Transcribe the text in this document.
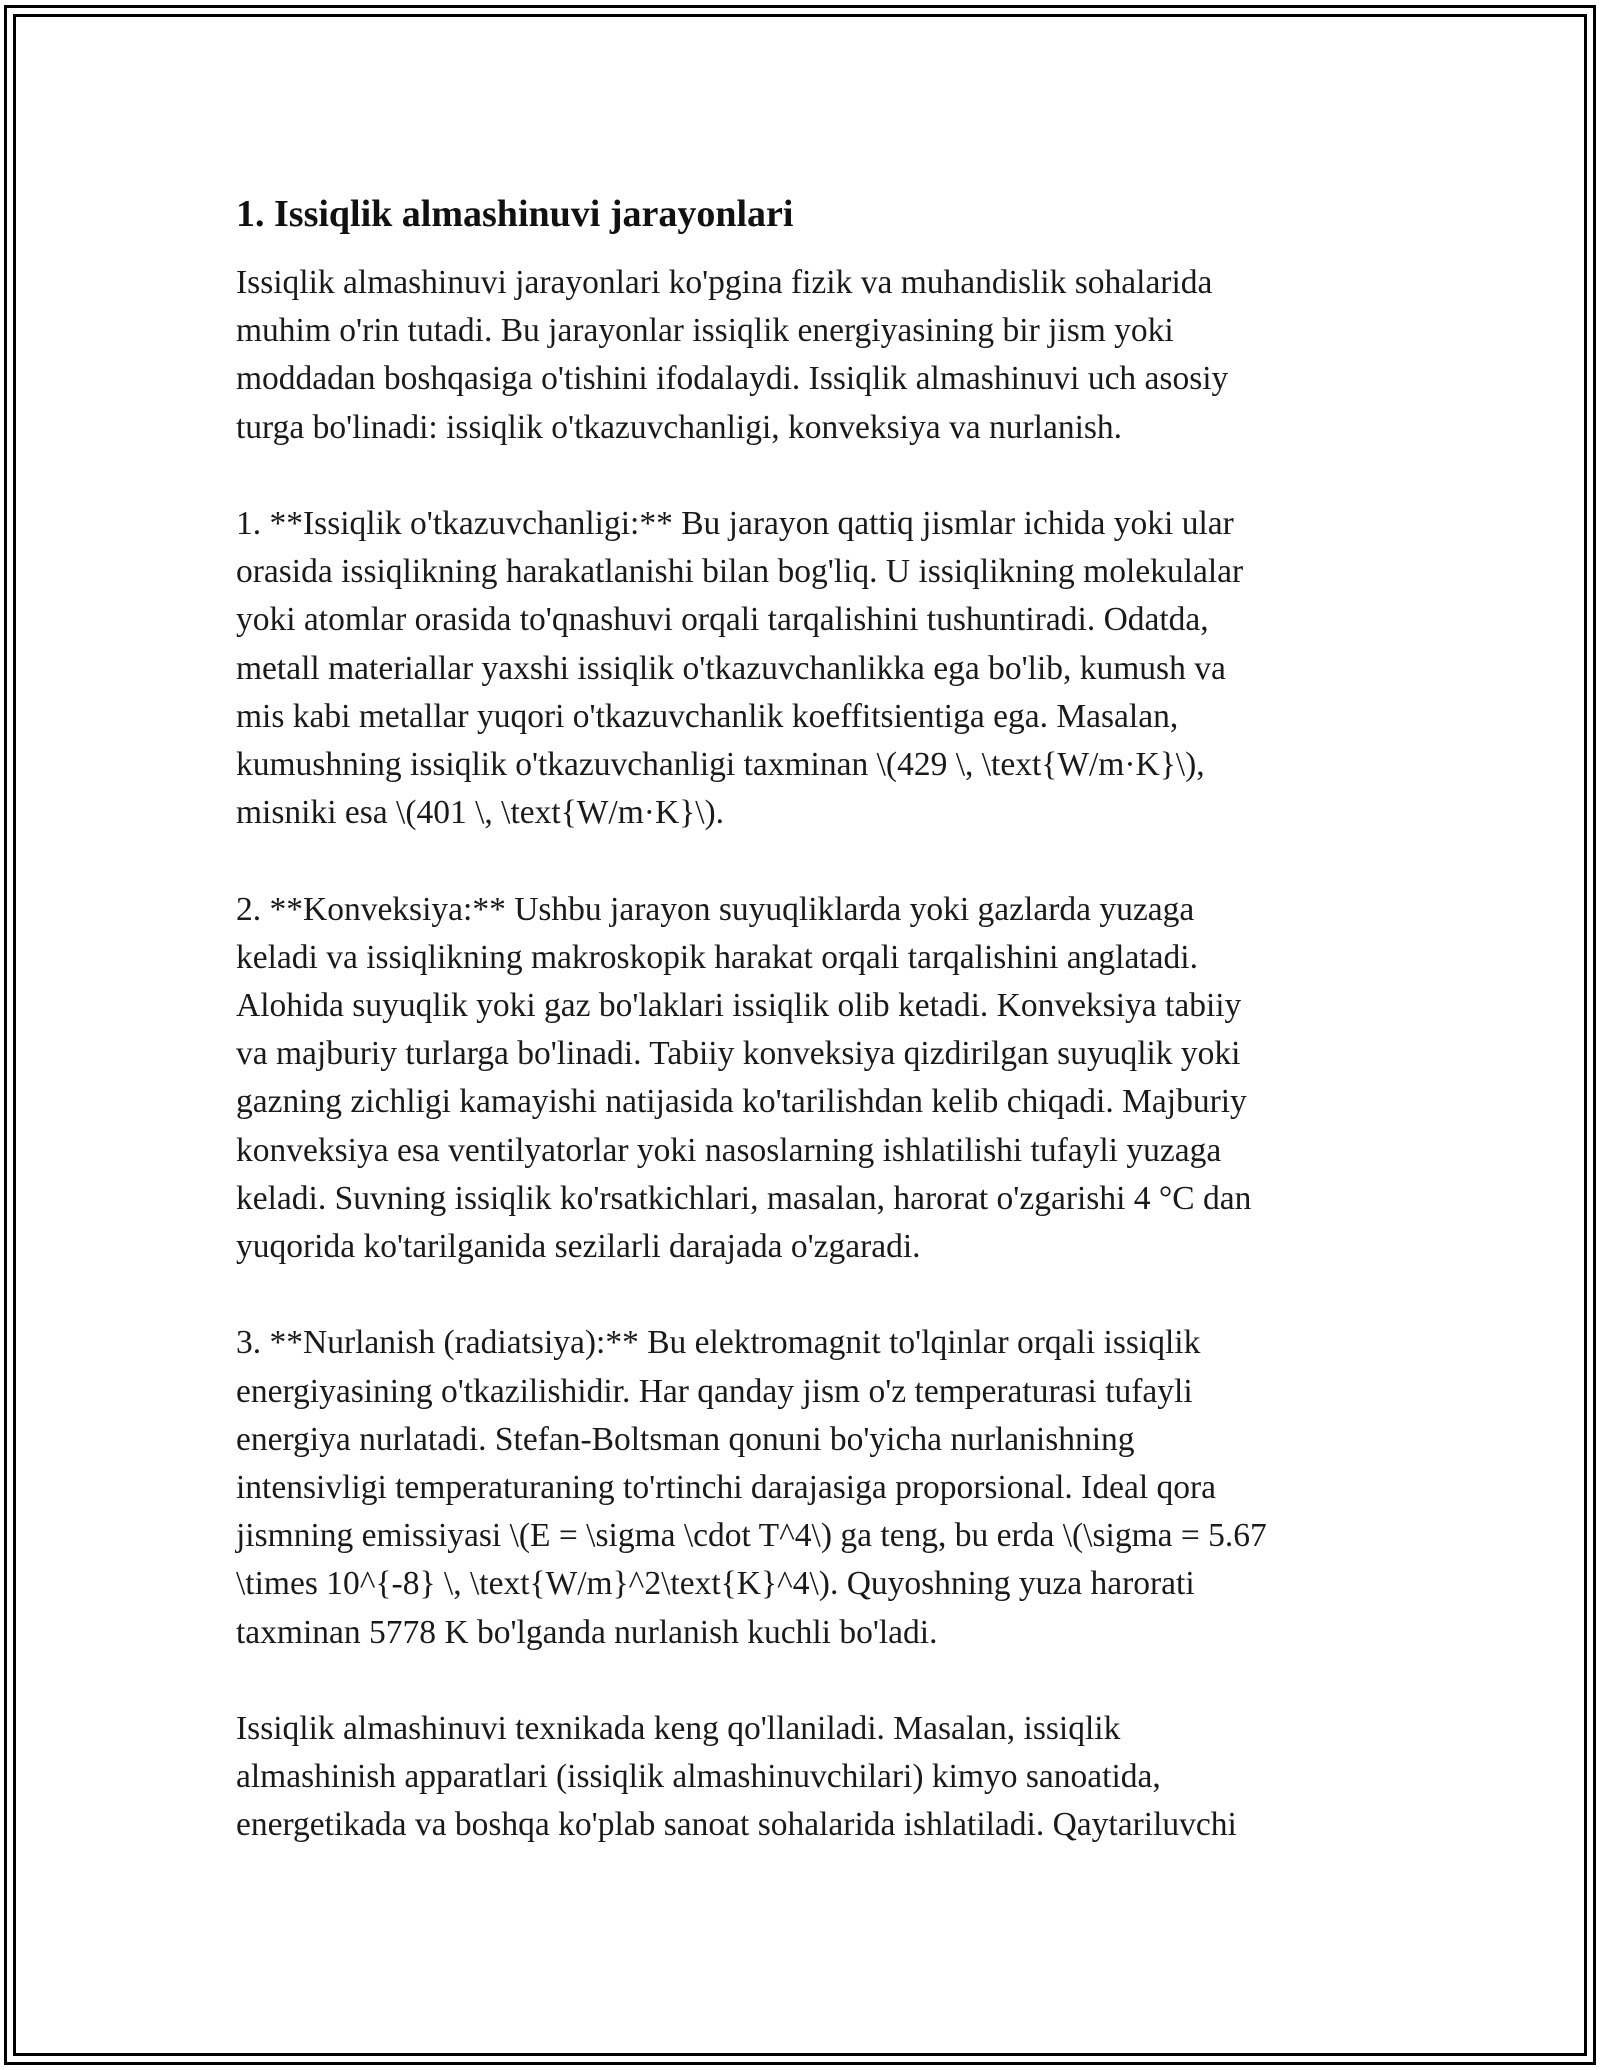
1. Issiqlik almashinuvi jarayonlari

Issiqlik almashinuvi jarayonlari ko'pgina fizik va muhandislik sohalarida
muhim o'rin tutadi. Bu jarayonlar issiqlik energiyasining bir jism yoki
moddadan boshqasiga o'tishini ifodalaydi. Issiqlik almashinuvi uch asosiy
turga bo'linadi: issiqlik o'tkazuvchanligi, konveksiya va nurlanish.

1. **Issiqlik o'tkazuvchanligi:** Bu jarayon qattiq jismlar ichida yoki ular
orasida issiqlikning harakatlanishi bilan bog'liq. U issiqlikning molekulalar
yoki atomlar orasida to'qnashuvi orqali tarqalishini tushuntiradi. Odatda,
metall materiallar yaxshi issiqlik o'tkazuvchanlikka ega bo'lib, kumush va
mis kabi metallar yuqori o'tkazuvchanlik koeffitsientiga ega. Masalan,
kumushning issiqlik o'tkazuvchanligi taxminan \(429 \, \text{W/m·K}\),
misniki esa \(401 \, \text{W/m·K}\).

2. **Konveksiya:** Ushbu jarayon suyuqliklarda yoki gazlarda yuzaga
keladi va issiqlikning makroskopik harakat orqali tarqalishini anglatadi.
Alohida suyuqlik yoki gaz bo'laklari issiqlik olib ketadi. Konveksiya tabiiy
va majburiy turlarga bo'linadi. Tabiiy konveksiya qizdirilgan suyuqlik yoki
gazning zichligi kamayishi natijasida ko'tarilishdan kelib chiqadi. Majburiy
konveksiya esa ventilyatorlar yoki nasoslarning ishlatilishi tufayli yuzaga
keladi. Suvning issiqlik ko'rsatkichlari, masalan, harorat o'zgarishi 4 °C dan
yuqorida ko'tarilganida sezilarli darajada o'zgaradi.

3. **Nurlanish (radiatsiya):** Bu elektromagnit to'lqinlar orqali issiqlik
energiyasining o'tkazilishidir. Har qanday jism o'z temperaturasi tufayli
energiya nurlatadi. Stefan-Boltsman qonuni bo'yicha nurlanishning
intensivligi temperaturaning to'rtinchi darajasiga proporsional. Ideal qora
jismning emissiyasi \(E = \sigma \cdot T^4\) ga teng, bu erda \(\sigma = 5.67
\times 10^{-8} \, \text{W/m}^2\text{K}^4\). Quyoshning yuza harorati
taxminan 5778 K bo'lganda nurlanish kuchli bo'ladi.

Issiqlik almashinuvi texnikada keng qo'llaniladi. Masalan, issiqlik
almashinish apparatlari (issiqlik almashinuvchilari) kimyo sanoatida,
energetikada va boshqa ko'plab sanoat sohalarida ishlatiladi. Qaytariluvchi
